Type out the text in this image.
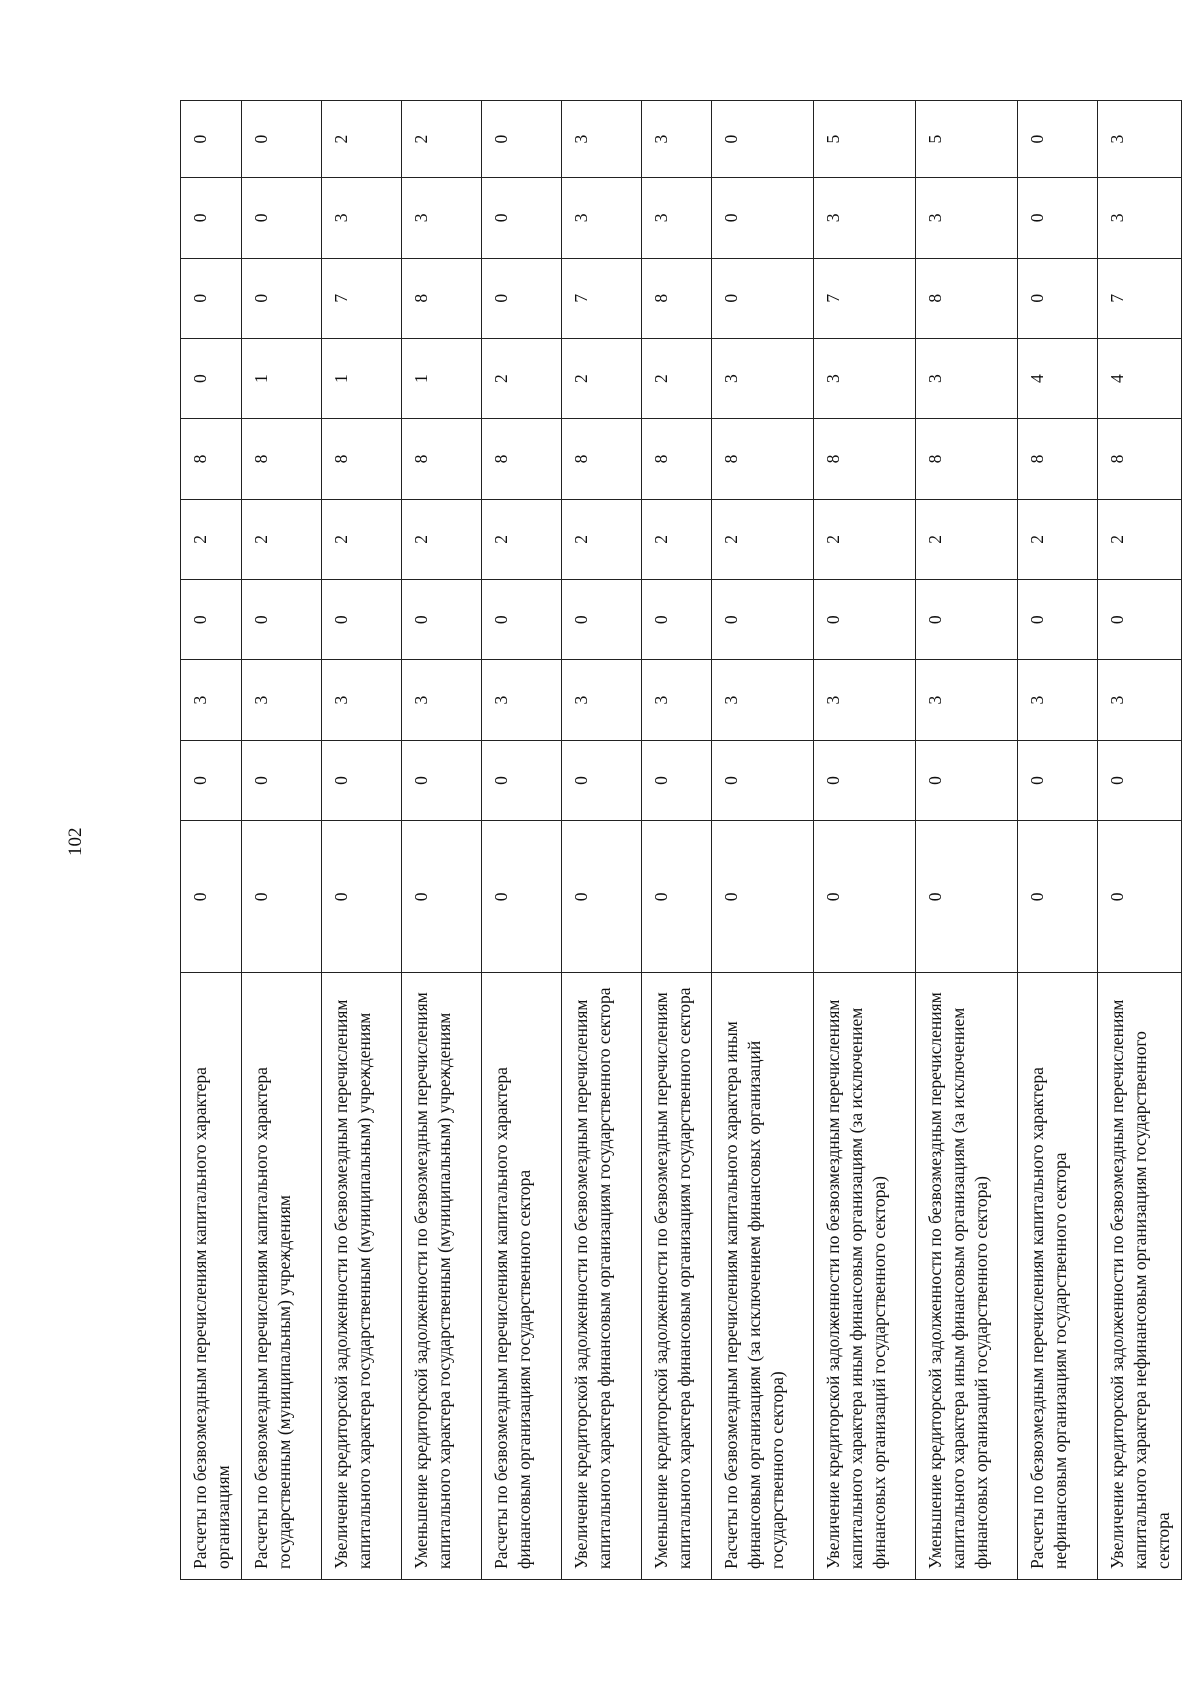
102
Расчеты по безвозмездным перечислениям капитального характера организациям	0	0	3	0	2	8	0	0	0	0
Расчеты по безвозмездным перечислениям капитального характера государственным (муниципальным) учреждениям	0	0	3	0	2	8	1	0	0	0
Увеличение кредиторской задолженности по безвозмездным перечислениям капитального характера государственным (муниципальным) учреждениям	0	0	3	0	2	8	1	7	3	2
Уменьшение кредиторской задолженности по безвозмездным перечислениям капитального характера государственным (муниципальным) учреждениям	0	0	3	0	2	8	1	8	3	2
Расчеты по безвозмездным перечислениям капитального характера финансовым организациям государственного сектора	0	0	3	0	2	8	2	0	0	0
Увеличение кредиторской задолженности по безвозмездным перечислениям капитального характера финансовым организациям государственного сектора	0	0	3	0	2	8	2	7	3	3
Уменьшение кредиторской задолженности по безвозмездным перечислениям капитального характера финансовым организациям государственного сектора	0	0	3	0	2	8	2	8	3	3
Расчеты по безвозмездным перечислениям капитального характера иным финансовым организациям (за исключением финансовых организаций государственного сектора)	0	0	3	0	2	8	3	0	0	0
Увеличение кредиторской задолженности по безвозмездным перечислениям капитального характера иным финансовым организациям (за исключением финансовых организаций государственного сектора)	0	0	3	0	2	8	3	7	3	5
Уменьшение кредиторской задолженности по безвозмездным перечислениям капитального характера иным финансовым организациям (за исключением финансовых организаций государственного сектора)	0	0	3	0	2	8	3	8	3	5
Расчеты по безвозмездным перечислениям капитального характера нефинансовым организациям государственного сектора	0	0	3	0	2	8	4	0	0	0
Увеличение кредиторской задолженности по безвозмездным перечислениям капитального характера нефинансовым организациям государственного сектора	0	0	3	0	2	8	4	7	3	3
